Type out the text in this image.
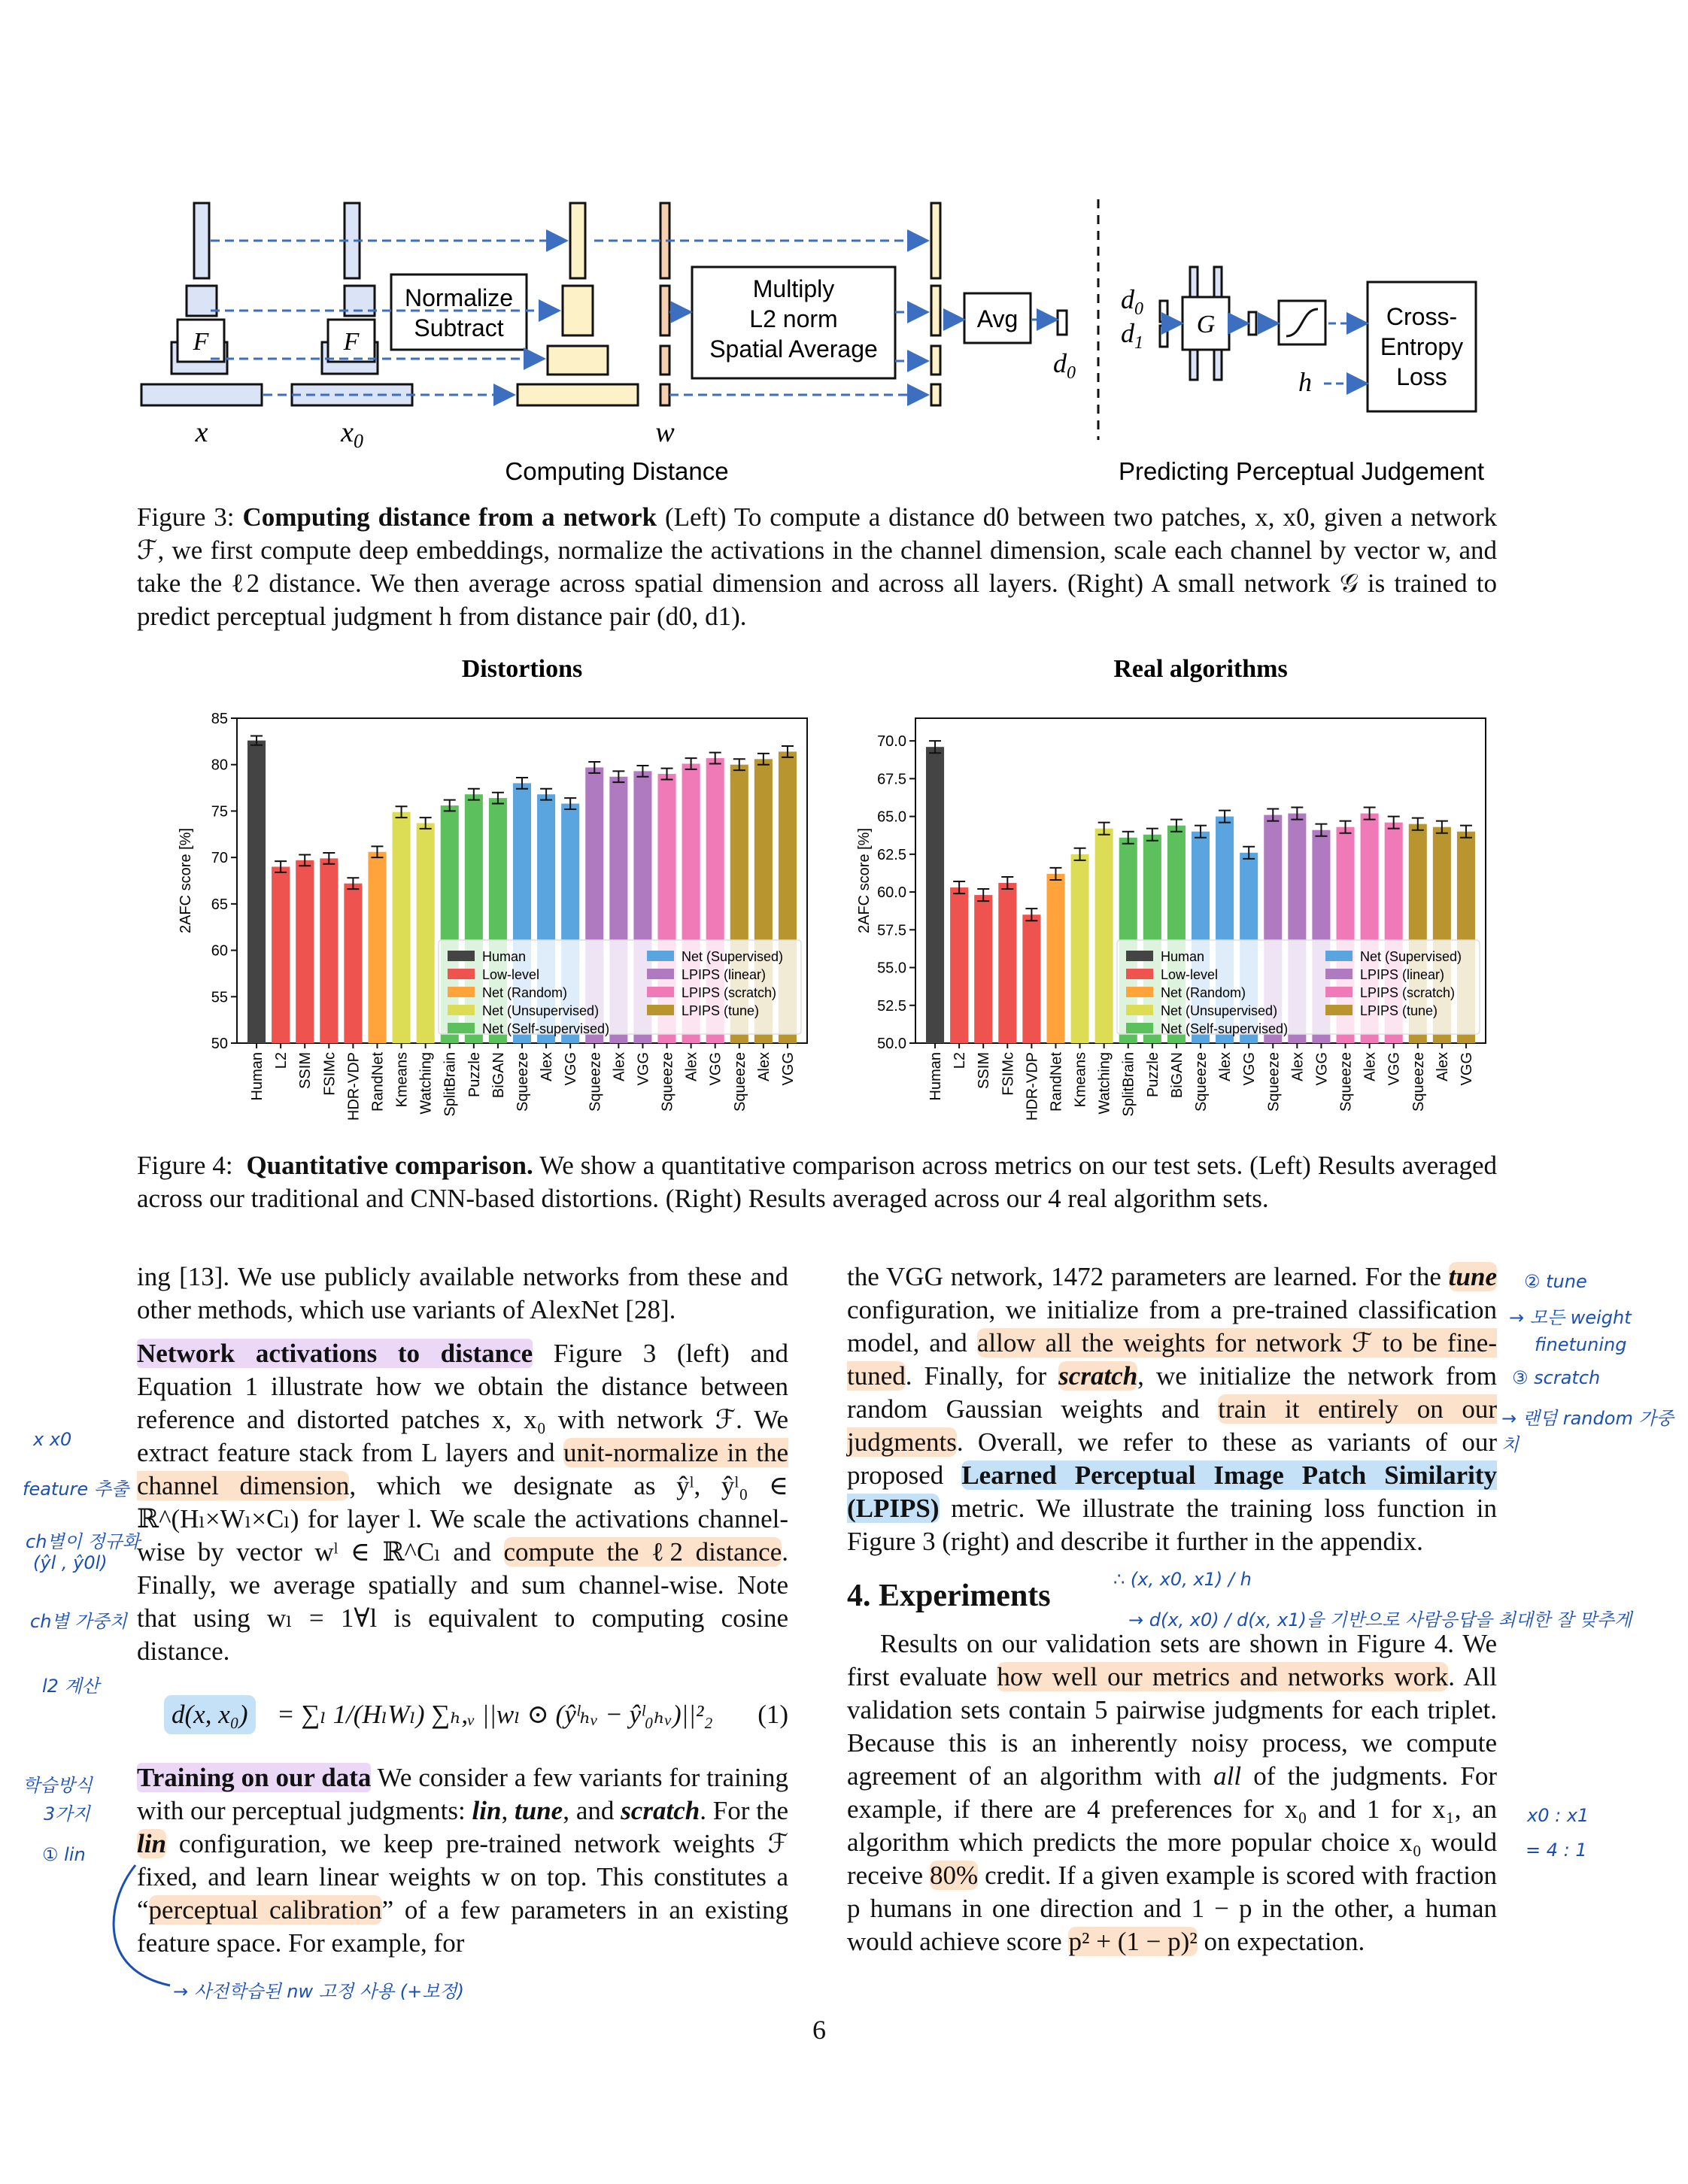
F	F
Normalize
Subtract
Multiply
L2 norm
Spatial Average
Avg
$d_0$
$d_0$
$d_1$
G	Cross-
Entropy
Loss
h
x	$x_0$	w
Computing Distance	Predicting Perceptual Judgement
Figure 3: Computing distance from a network (Left) To compute a distance d0 between two patches, x, x0, given a network ℱ, we first compute deep embeddings, normalize the activations in the channel dimension, scale each channel by vector w, and take the ℓ2 distance. We then average across spatial dimension and across all layers. (Right) A small network 𝒢 is trained to predict perceptual judgment h from distance pair (d0, d1).
Distortions
50
55
60
65
70
75
80
85
2AFC score [%]
Human L2 SSIM FSIMc HDR-VDP RandNet Kmeans Watching SplitBrain Puzzle BiGAN Squeeze Alex VGG Squeeze Alex VGG Squeeze Alex VGG Squeeze Alex VGG
Human
Low-level
Net (Random)
Net (Unsupervised)
Net (Self-supervised)
Net (Supervised)
LPIPS (linear)
LPIPS (scratch)
LPIPS (tune)
Real algorithms
50.0
52.5
55.0
57.5
60.0
62.5
65.0
67.5
70.0
2AFC score [%]
Human L2 SSIM FSIMc HDR-VDP RandNet Kmeans Watching SplitBrain Puzzle BiGAN Squeeze Alex VGG Squeeze Alex VGG Squeeze Alex VGG Squeeze Alex VGG
Human
Low-level
Net (Random)
Net (Unsupervised)
Net (Self-supervised)
Net (Supervised)
LPIPS (linear)
LPIPS (scratch)
LPIPS (tune)
Figure 4: Quantitative comparison. We show a quantitative comparison across metrics on our test sets. (Left) Results averaged across our traditional and CNN-based distortions. (Right) Results averaged across our 4 real algorithm sets.

ing [13]. We use publicly available networks from these and other methods, which use variants of AlexNet [28].

Network activations to distance Figure 3 (left) and Equation 1 illustrate how we obtain the distance between reference and distorted patches x, x₀ with network ℱ. We extract feature stack from L layers and unit-normalize in the channel dimension, which we designate as ŷˡ, ŷˡ₀ ∈ ℝ^(Hₗ×Wₗ×Cₗ) for layer l. We scale the activations channel-wise by vector wˡ ∈ ℝ^Cₗ and compute the ℓ2 distance. Finally, we average spatially and sum channel-wise. Note that using wₗ = 1∀l is equivalent to computing cosine distance.

d(x, x₀) = ∑ₗ 1/(HₗWₗ) ∑ₕ,ᵥ ||wₗ ⊙ (ŷˡₕᵥ − ŷˡ₀ₕᵥ)||²₂ (1)

Training on our data We consider a few variants for training with our perceptual judgments: lin, tune, and scratch. For the lin configuration, we keep pre-trained network weights ℱ fixed, and learn linear weights w on top. This constitutes a “perceptual calibration” of a few parameters in an existing feature space. For example, for

the VGG network, 1472 parameters are learned. For the tune configuration, we initialize from a pre-trained classification model, and allow all the weights for network ℱ to be fine-tuned. Finally, for scratch, we initialize the network from random Gaussian weights and train it entirely on our judgments. Overall, we refer to these as variants of our proposed Learned Perceptual Image Patch Similarity (LPIPS) metric. We illustrate the training loss function in Figure 3 (right) and describe it further in the appendix.

4. Experiments

Results on our validation sets are shown in Figure 4. We first evaluate how well our metrics and networks work. All validation sets contain 5 pairwise judgments for each triplet. Because this is an inherently noisy process, we compute agreement of an algorithm with all of the judgments. For example, if there are 4 preferences for x₀ and 1 for x₁, an algorithm which predicts the more popular choice x₀ would receive 80% credit. If a given example is scored with fraction p humans in one direction and 1 − p in the other, a human would achieve score p² + (1 − p)² on expectation.

x x0
feature 추출
ch별이 정규화
(ŷl , ŷ0l)
ch별 가중치
l2 계산
학습방식
3가지
① lin
→ 사전학습된 nw 고정 사용 (+보정)
② tune
→ 모든 weight
finetuning
③ scratch
→ 랜덤 random 가중치
∴ (x, x0, x1) / h
→ d(x, x0) / d(x, x1)을 기반으로 사람응답을 최대한 잘 맞추게
x0 : x1
= 4 : 1
6
